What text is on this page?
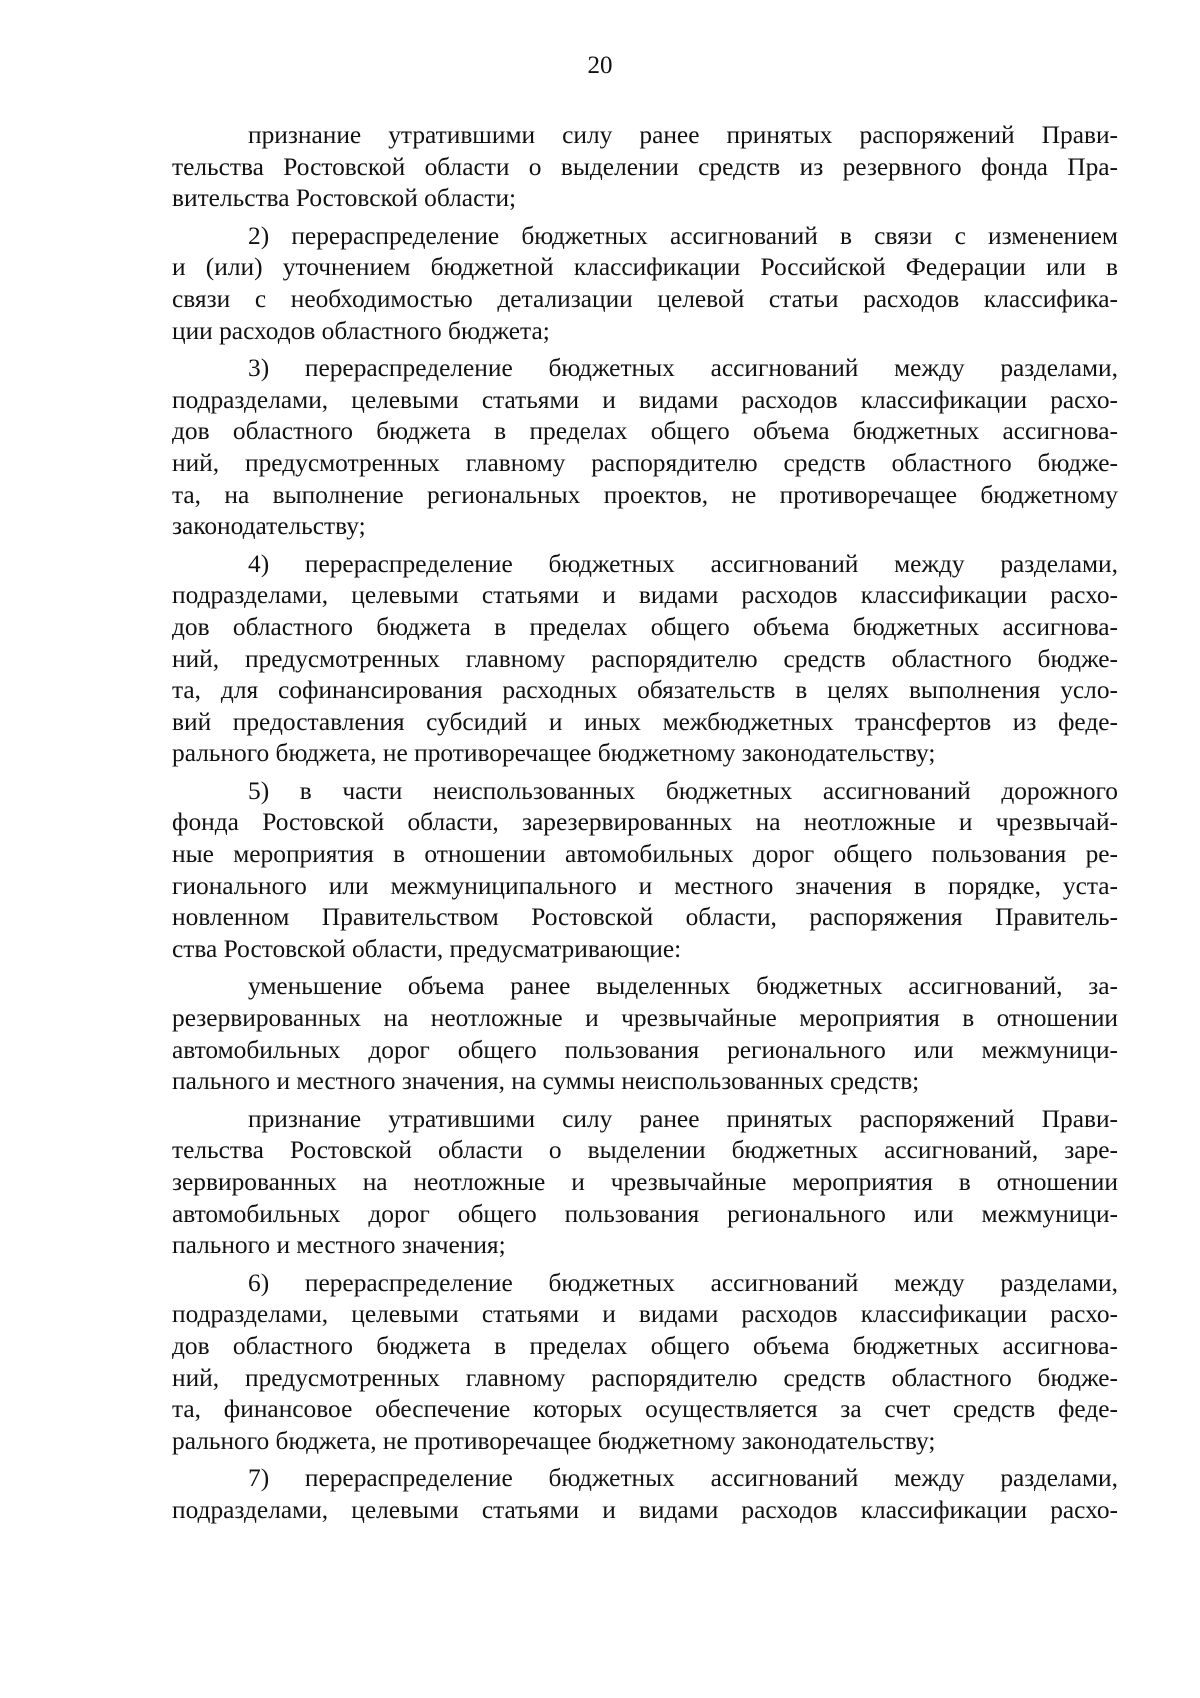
20
признание утратившими силу ранее принятых распоряжений Прави-
тельства Ростовской области о выделении средств из резервного фонда Пра-
вительства Ростовской области;
2) перераспределение бюджетных ассигнований в связи с изменением
и (или) уточнением бюджетной классификации Российской Федерации или в
связи с необходимостью детализации целевой статьи расходов классифика-
ции расходов областного бюджета;
3) перераспределение бюджетных ассигнований между разделами,
подразделами, целевыми статьями и видами расходов классификации расхо-
дов областного бюджета в пределах общего объема бюджетных ассигнова-
ний, предусмотренных главному распорядителю средств областного бюдже-
та, на выполнение региональных проектов, не противоречащее бюджетному
законодательству;
4) перераспределение бюджетных ассигнований между разделами,
подразделами, целевыми статьями и видами расходов классификации расхо-
дов областного бюджета в пределах общего объема бюджетных ассигнова-
ний, предусмотренных главному распорядителю средств областного бюдже-
та, для софинансирования расходных обязательств в целях выполнения усло-
вий предоставления субсидий и иных межбюджетных трансфертов из феде-
рального бюджета, не противоречащее бюджетному законодательству;
5) в части неиспользованных бюджетных ассигнований дорожного
фонда Ростовской области, зарезервированных на неотложные и чрезвычай-
ные мероприятия в отношении автомобильных дорог общего пользования ре-
гионального или межмуниципального и местного значения в порядке, уста-
новленном Правительством Ростовской области, распоряжения Правитель-
ства Ростовской области, предусматривающие:
уменьшение объема ранее выделенных бюджетных ассигнований, за-
резервированных на неотложные и чрезвычайные мероприятия в отношении
автомобильных дорог общего пользования регионального или межмуници-
пального и местного значения, на суммы неиспользованных средств;
признание утратившими силу ранее принятых распоряжений Прави-
тельства Ростовской области о выделении бюджетных ассигнований, заре-
зервированных на неотложные и чрезвычайные мероприятия в отношении
автомобильных дорог общего пользования регионального или межмуници-
пального и местного значения;
6) перераспределение бюджетных ассигнований между разделами,
подразделами, целевыми статьями и видами расходов классификации расхо-
дов областного бюджета в пределах общего объема бюджетных ассигнова-
ний, предусмотренных главному распорядителю средств областного бюдже-
та, финансовое обеспечение которых осуществляется за счет средств феде-
рального бюджета, не противоречащее бюджетному законодательству;
7) перераспределение бюджетных ассигнований между разделами,
подразделами, целевыми статьями и видами расходов классификации расхо-
